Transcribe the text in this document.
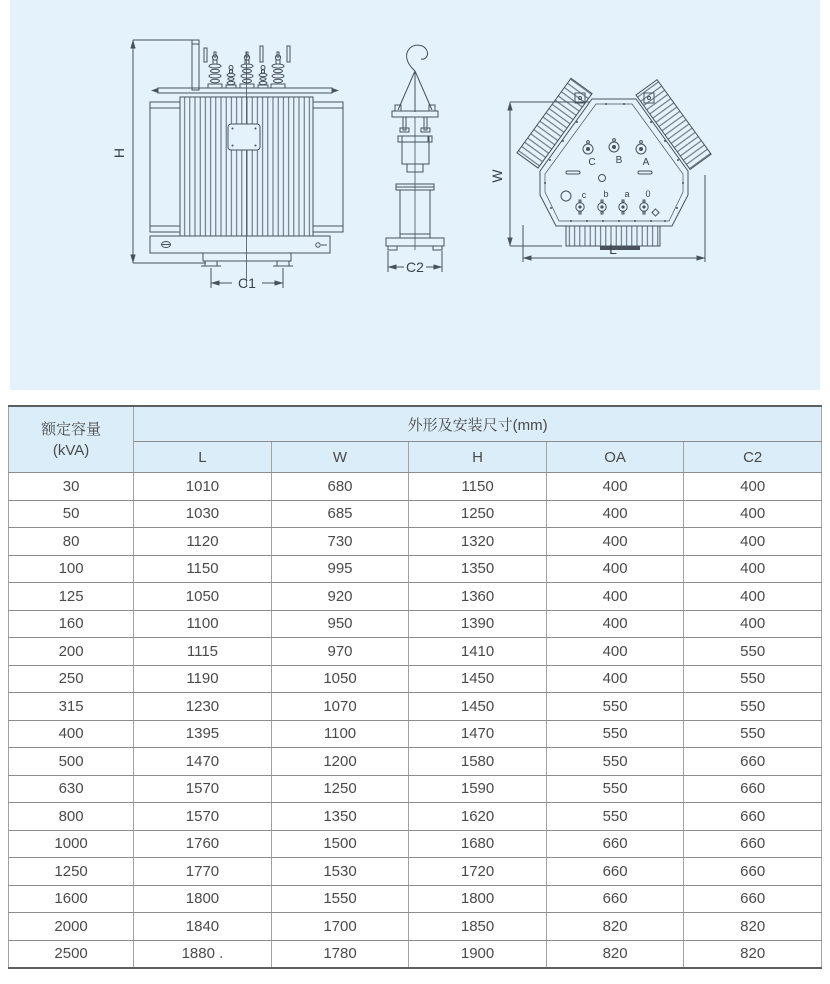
H
C1
C2
C B A
c b a 0
W
L
额定容量
(kVA)	外形及安装尺寸(mm)				
	L	W	H	OA	C2
30	1010	680	1150	400	400
50	1030	685	1250	400	400
80	1120	730	1320	400	400
100	1150	995	1350	400	400
125	1050	920	1360	400	400
160	1100	950	1390	400	400
200	1115	970	1410	400	550
250	1190	1050	1450	400	550
315	1230	1070	1450	550	550
400	1395	1100	1470	550	550
500	1470	1200	1580	550	660
630	1570	1250	1590	550	660
800	1570	1350	1620	550	660
1000	1760	1500	1680	660	660
1250	1770	1530	1720	660	660
1600	1800	1550	1800	660	660
2000	1840	1700	1850	820	820
2500	1880 .	1780	1900	820	820
